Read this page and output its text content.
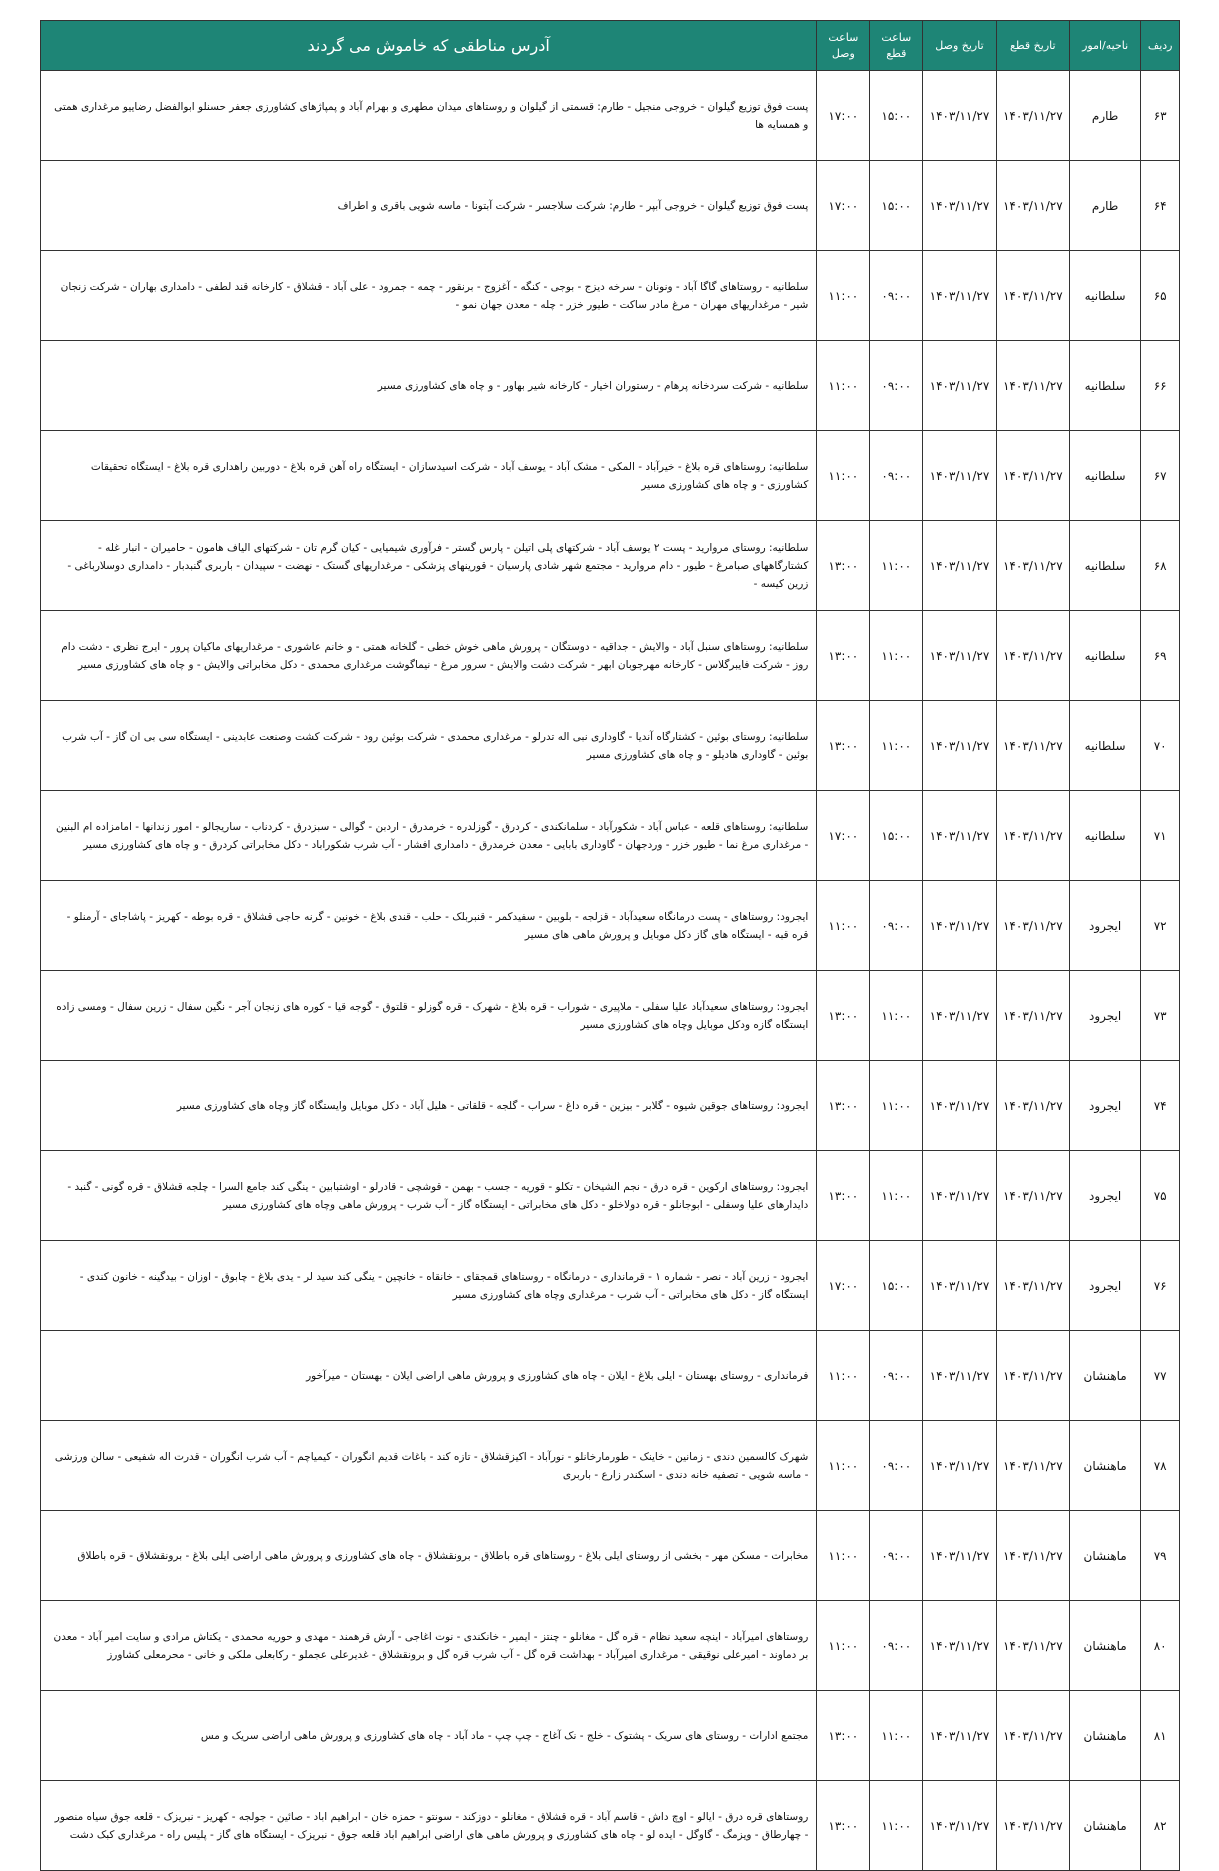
ردیف	ناحیه/امور	تاریخ قطع	تاریخ وصل	ساعت قطع	ساعت وصل	آدرس مناطقی که خاموش می گردند
۶۳	طارم	۱۴۰۳/۱۱/۲۷	۱۴۰۳/۱۱/۲۷	۱۵:۰۰	۱۷:۰۰	پست فوق توزیع گیلوان - خروجی منجیل - طارم: قسمتی از گیلوان و روستاهای میدان مطهری و بهرام آباد و پمپاژهای کشاورزی جعفر حسنلو ابوالفضل رضاییو مرغداری همتی و همسایه ها
۶۴	طارم	۱۴۰۳/۱۱/۲۷	۱۴۰۳/۱۱/۲۷	۱۵:۰۰	۱۷:۰۰	پست فوق توزیع گیلوان - خروجی آبپر - طارم: شرکت سلاجسر - شرکت آبتونا - ماسه شویی باقری و اطراف
۶۵	سلطانیه	۱۴۰۳/۱۱/۲۷	۱۴۰۳/۱۱/۲۷	۰۹:۰۰	۱۱:۰۰	سلطانیه - روستاهای گاگا آباد - ونونان - سرخه دیزج - بوجی - کنگه - آغزوج - برنقور - چمه - جمرود - علی آباد - قشلاق - کارخانه قند لطفی - دامداری بهاران - شرکت زنجان شیر - مرغداریهای مهران - مرغ مادر ساکت - طیور خزر - چله - معدن جهان نمو -
۶۶	سلطانیه	۱۴۰۳/۱۱/۲۷	۱۴۰۳/۱۱/۲۷	۰۹:۰۰	۱۱:۰۰	سلطانیه - شرکت سردخانه پرهام - رستوران اخیار - کارخانه شیر بهاور - و چاه های کشاورزی مسیر
۶۷	سلطانیه	۱۴۰۳/۱۱/۲۷	۱۴۰۳/۱۱/۲۷	۰۹:۰۰	۱۱:۰۰	سلطانیه: روستاهای قره بلاغ - خیرآباد - المکی - مشک آباد - یوسف آباد - شرکت اسیدسازان - ایستگاه راه آهن قره بلاغ - دوربین راهداری قره بلاغ - ایستگاه تحقیقات کشاورزی - و چاه های کشاورزی مسیر
۶۸	سلطانیه	۱۴۰۳/۱۱/۲۷	۱۴۰۳/۱۱/۲۷	۱۱:۰۰	۱۳:۰۰	سلطانیه: روستای مروارید - پست ۲ یوسف آباد - شرکتهای پلی اتیلن - پارس گستر - فرآوری شیمیایی - کیان گرم تان - شرکتهای الیاف هامون - حامیران - انبار غله - کشتارگاههای صبامرغ - طیور - دام مروارید - مجتمع شهر شادی پارسیان - قورینهای پزشکی - مرغداریهای گستک - نهضت - سپیدان - باربری گنبدبار - دامداری دوسلارباغی - زرین کیسه -
۶۹	سلطانیه	۱۴۰۳/۱۱/۲۷	۱۴۰۳/۱۱/۲۷	۱۱:۰۰	۱۳:۰۰	سلطانیه: روستاهای سنبل آباد - والایش - جداقیه - دوستگان - پرورش ماهی خوش خطی - گلخانه همتی - و خانم عاشوری - مرغداریهای ماکیان پرور - ایرج نظری - دشت دام روز - شرکت فایبرگلاس - کارخانه مهرجوبان ابهر - شرکت دشت والایش - سرور مرغ - نیماگوشت مرغداری محمدی - دکل مخابراتی والایش - و چاه های کشاورزی مسیر
۷۰	سلطانیه	۱۴۰۳/۱۱/۲۷	۱۴۰۳/۱۱/۲۷	۱۱:۰۰	۱۳:۰۰	سلطانیه: روستای بوئین - کشتارگاه آندیا - گاوداری نبی اله تدرلو - مرغداری محمدی - شرکت بوئین رود - شرکت کشت وصنعت عابدینی - ایستگاه سی بی ان گاز - آب شرب بوئین - گاوداری هادیلو - و چاه های کشاورزی مسیر
۷۱	سلطانیه	۱۴۰۳/۱۱/۲۷	۱۴۰۳/۱۱/۲۷	۱۵:۰۰	۱۷:۰۰	سلطانیه: روستاهای قلعه - عباس آباد - شکورآباد - سلمانکندی - کردرق - گوزلدره - خرمدرق - اردبن - گوالی - سبزدرق - کردناب - ساریجالو - امور زندانها - امامزاده ام البنین - مرغداری مرغ نما - طیور خزر - وردجهان - گاوداری بابایی - معدن خرمدرق - دامداری افشار - آب شرب شکوراباد - دکل مخابراتی کردرق - و چاه های کشاورزی مسیر
۷۲	ایجرود	۱۴۰۳/۱۱/۲۷	۱۴۰۳/۱۱/۲۷	۰۹:۰۰	۱۱:۰۰	ایجرود: روستاهای - پست درمانگاه سعیدآباد - قزلجه - بلوبین - سفیدکمر - قنبربلک - حلب - قندی بلاغ - خونین - گرنه حاجی قشلاق - قره بوطه - کهریز - پاشاجای - آرمنلو - قره قبه - ایستگاه های گاز دکل موبایل و پرورش ماهی های مسیر
۷۳	ایجرود	۱۴۰۳/۱۱/۲۷	۱۴۰۳/۱۱/۲۷	۱۱:۰۰	۱۳:۰۰	ایجرود: روستاهای سعیدآباد علیا سفلی - ملاپیری - شوراب - قره بلاغ - شهرک - قره گوزلو - قلتوق - گوجه قیا - کوره های زنجان آجر - نگین سفال - زرین سفال - ومسی زاده ایستگاه گازه ودکل موبایل وچاه های کشاورزی مسیر
۷۴	ایجرود	۱۴۰۳/۱۱/۲۷	۱۴۰۳/۱۱/۲۷	۱۱:۰۰	۱۳:۰۰	ایجرود: روستاهای جوقین شیوه - گلابر - بیزین - قره داغ - سراب - گلجه - قلقاتی - هلیل آباد - دکل موبایل وایستگاه گاز وچاه های کشاورزی مسیر
۷۵	ایجرود	۱۴۰۳/۱۱/۲۷	۱۴۰۳/۱۱/۲۷	۱۱:۰۰	۱۳:۰۰	ایجرود: روستاهای ارکوین - قره درق - نجم الشیخان - تکلو - قوریه - جسب - بهمن - قوشچی - قادرلو - اوشتبابین - ینگی کند جامع السرا - چلجه قشلاق - قره گونی - گنبد - دایدارهای علیا وسفلی - ابوجانلو - قره دولاخلو - دکل های مخابراتی - ایستگاه گاز - آب شرب - پرورش ماهی وچاه های کشاورزی مسیر
۷۶	ایجرود	۱۴۰۳/۱۱/۲۷	۱۴۰۳/۱۱/۲۷	۱۵:۰۰	۱۷:۰۰	ایجرود - زرین آباد - نصر - شماره ۱ - قرمانداری - درمانگاه - روستاهای قمجقای - خانقاه - خانچین - ینگی کند سید لر - یدی بلاغ - چابوق - اوزان - بیدگینه - خانون کندی - ایستگاه گاز - دکل های مخابراتی - آب شرب - مرغداری وچاه های کشاورزی مسیر
۷۷	ماهنشان	۱۴۰۳/۱۱/۲۷	۱۴۰۳/۱۱/۲۷	۰۹:۰۰	۱۱:۰۰	فرمانداری - روستای بهستان - ایلی بلاغ - ایلان - چاه های کشاورزی و پرورش ماهی اراضی ایلان - بهستان - میرآخور
۷۸	ماهنشان	۱۴۰۳/۱۱/۲۷	۱۴۰۳/۱۱/۲۷	۰۹:۰۰	۱۱:۰۰	شهرک کالسمین دندی - زمانین - خاینک - طورمارخانلو - نورآباد - اکیزقشلاق - تازه کند - باغات قدیم انگوران - کیمیاچم - آب شرب انگوران - قدرت اله شفیعی - سالن ورزشی - ماسه شویی - تصفیه خانه دندی - اسکندر زارع - باربری
۷۹	ماهنشان	۱۴۰۳/۱۱/۲۷	۱۴۰۳/۱۱/۲۷	۰۹:۰۰	۱۱:۰۰	مخابرات - مسکن مهر - بخشی از روستای ایلی بلاغ - روستاهای قره باطلاق - برونقشلاق - چاه های کشاورزی و پرورش ماهی اراضی ایلی بلاغ - برونقشلاق - قره باطلاق
۸۰	ماهنشان	۱۴۰۳/۱۱/۲۷	۱۴۰۳/۱۱/۲۷	۰۹:۰۰	۱۱:۰۰	روستاهای امیرآباد - اینچه سعید نظام - قره گل - مغانلو - چنتز - ایمیر - خانکندی - نوت اغاجی - آرش قرهمند - مهدی و حوریه محمدی - یکتاش مرادی و سایت امیر آباد - معدن بر دماوند - امیرعلی نوقیقی - مرغداری امیرآباد - بهداشت قره گل - آب شرب قره گل و برونقشلاق - غدیرعلی عجملو - رکابعلی ملکی و خانی - محرمعلی کشاورز
۸۱	ماهنشان	۱۴۰۳/۱۱/۲۷	۱۴۰۳/۱۱/۲۷	۱۱:۰۰	۱۳:۰۰	مجتمع ادارات - روستای های سریک - پشتوک - خلج - نک آغاج - چپ چپ - ماد آباد - چاه های کشاورزی و پرورش ماهی اراضی سریک و مس
۸۲	ماهنشان	۱۴۰۳/۱۱/۲۷	۱۴۰۳/۱۱/۲۷	۱۱:۰۰	۱۳:۰۰	روستاهای قره درق - ایالو - اوچ داش - قاسم آباد - قره قشلاق - مغانلو - دوزکند - سونتو - حمزه خان - ابراهیم اباد - صائین - جولجه - کهریز - نبریزک - قلعه جوق سیاه منصور - چهارطاق - ویزمگ - گاوگل - ایده لو - چاه های کشاورزی و پرورش ماهی های اراضی ابراهیم اباد قلعه جوق - نبریزک - ایستگاه های گاز - پلیس راه - مرغداری کبک دشت
